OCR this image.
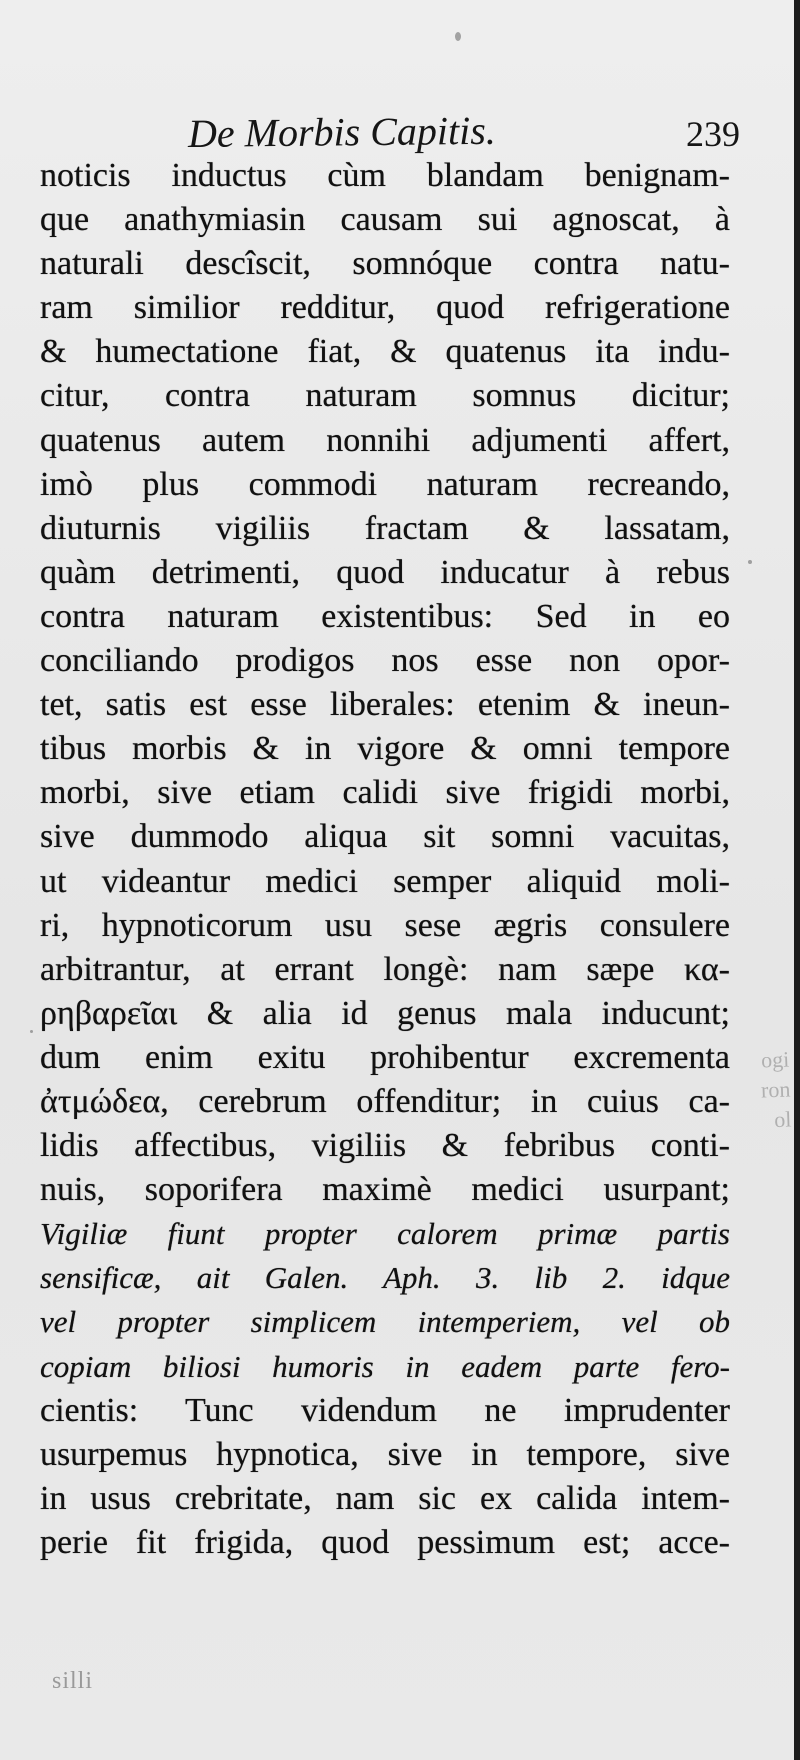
ogi
ron
ol
De Morbis Capitis.	239
noticis inductus cùm blandam benignam-
que anathymiasin causam sui agnoscat, à
naturali descîscit, somnóque contra natu-
ram similior redditur, quod refrigeratione
& humectatione fiat, & quatenus ita indu-
citur, contra naturam somnus dicitur;
quatenus autem nonnihi adjumenti affert,
imò plus commodi naturam recreando,
diuturnis vigiliis fractam & lassatam,
quàm detrimenti, quod inducatur à rebus
contra naturam existentibus: Sed in eo
conciliando prodigos nos esse non opor-
tet, satis est esse liberales: etenim & ineun-
tibus morbis & in vigore & omni tempore
morbi, sive etiam calidi sive frigidi morbi,
sive dummodo aliqua sit somni vacuitas,
ut videantur medici semper aliquid moli-
ri, hypnoticorum usu sese ægris consulere
arbitrantur, at errant longè: nam sæpe κα-
ρηβαρεῖαι & alia id genus mala inducunt;
dum enim exitu prohibentur excrementa
ἀτμώδεα, cerebrum offenditur; in cuius ca-
lidis affectibus, vigiliis & febribus conti-
nuis, soporifera maximè medici usurpant;
Vigiliæ fiunt propter calorem primæ partis
sensificæ, ait Galen. Aph. 3. lib 2. idque
vel propter simplicem intemperiem, vel ob
copiam biliosi humoris in eadem parte fero-
cientis: Tunc videndum ne imprudenter
usurpemus hypnotica, sive in tempore, sive
in usus crebritate, nam sic ex calida intem-
perie fit frigida, quod pessimum est; acce-
silli
